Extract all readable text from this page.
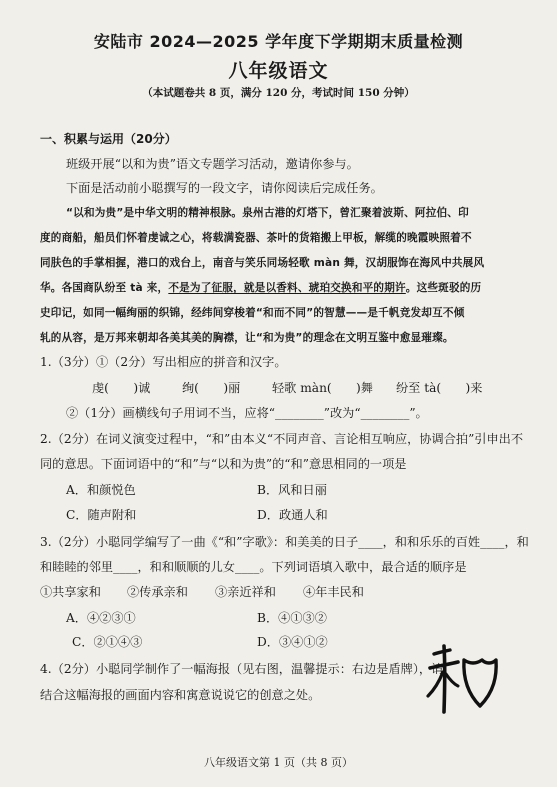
安陆市 2024—2025 学年度下学期期末质量检测
八年级语文
（本试题卷共 8 页，满分 120 分，考试时间 150 分钟）
一、积累与运用（20分）
班级开展“以和为贵”语文专题学习活动，邀请你参与。
下面是活动前小聪撰写的一段文字，请你阅读后完成任务。
“以和为贵”是中华文明的精神根脉。泉州古港的灯塔下，曾汇聚着波斯、阿拉伯、印
度的商船，船员们怀着虔诚之心，将载满瓷器、茶叶的货箱搬上甲板，解缆的晚霞映照着不
同肤色的手掌相握，港口的戏台上，南音与笑乐同场轻歌 màn 舞，汉胡服饰在海风中共展风
华。各国商队纷至 tà 来，不是为了征服，就是以香料、琥珀交换和平的期许。这些斑驳的历
史印记，如同一幅绚丽的织锦，经纬间穿梭着“和而不同”的智慧——是千帆竞发却互不倾
轧的从容，是万邦来朝却各美其美的胸襟，让“和为贵”的理念在文明互鉴中愈显璀璨。
1.（3分）①（2分）写出相应的拼音和汉字。
虔(　　)诚	绚(　　)丽	轻歌 màn(　　)舞 纷至 tà(　　)来
②（1分）画横线句子用词不当，应将“________”改为“________”。
2.（2分）在词义演变过程中，“和”由本义“不同声音、言论相互响应，协调合拍”引申出不
同的意思。下面词语中的“和”与“以和为贵”的“和”意思相同的一项是
A．和颜悦色	B．风和日丽
C．随声附和	D．政通人和
3.（2分）小聪同学编写了一曲《“和”字歌》：和美美的日子____，和和乐乐的百姓____，和
和睦睦的邻里____，和和顺顺的儿女____。下列词语填入歌中，最合适的顺序是
①共享家和 ②传承亲和 ③亲近祥和 ④年丰民和
A．④②③①	B．④①③②
C．②①④③	D．③④①②
4.（2分）小聪同学制作了一幅海报（见右图，温馨提示：右边是盾牌），请
结合这幅海报的画面内容和寓意说说它的创意之处。
八年级语文第 1 页（共 8 页）
